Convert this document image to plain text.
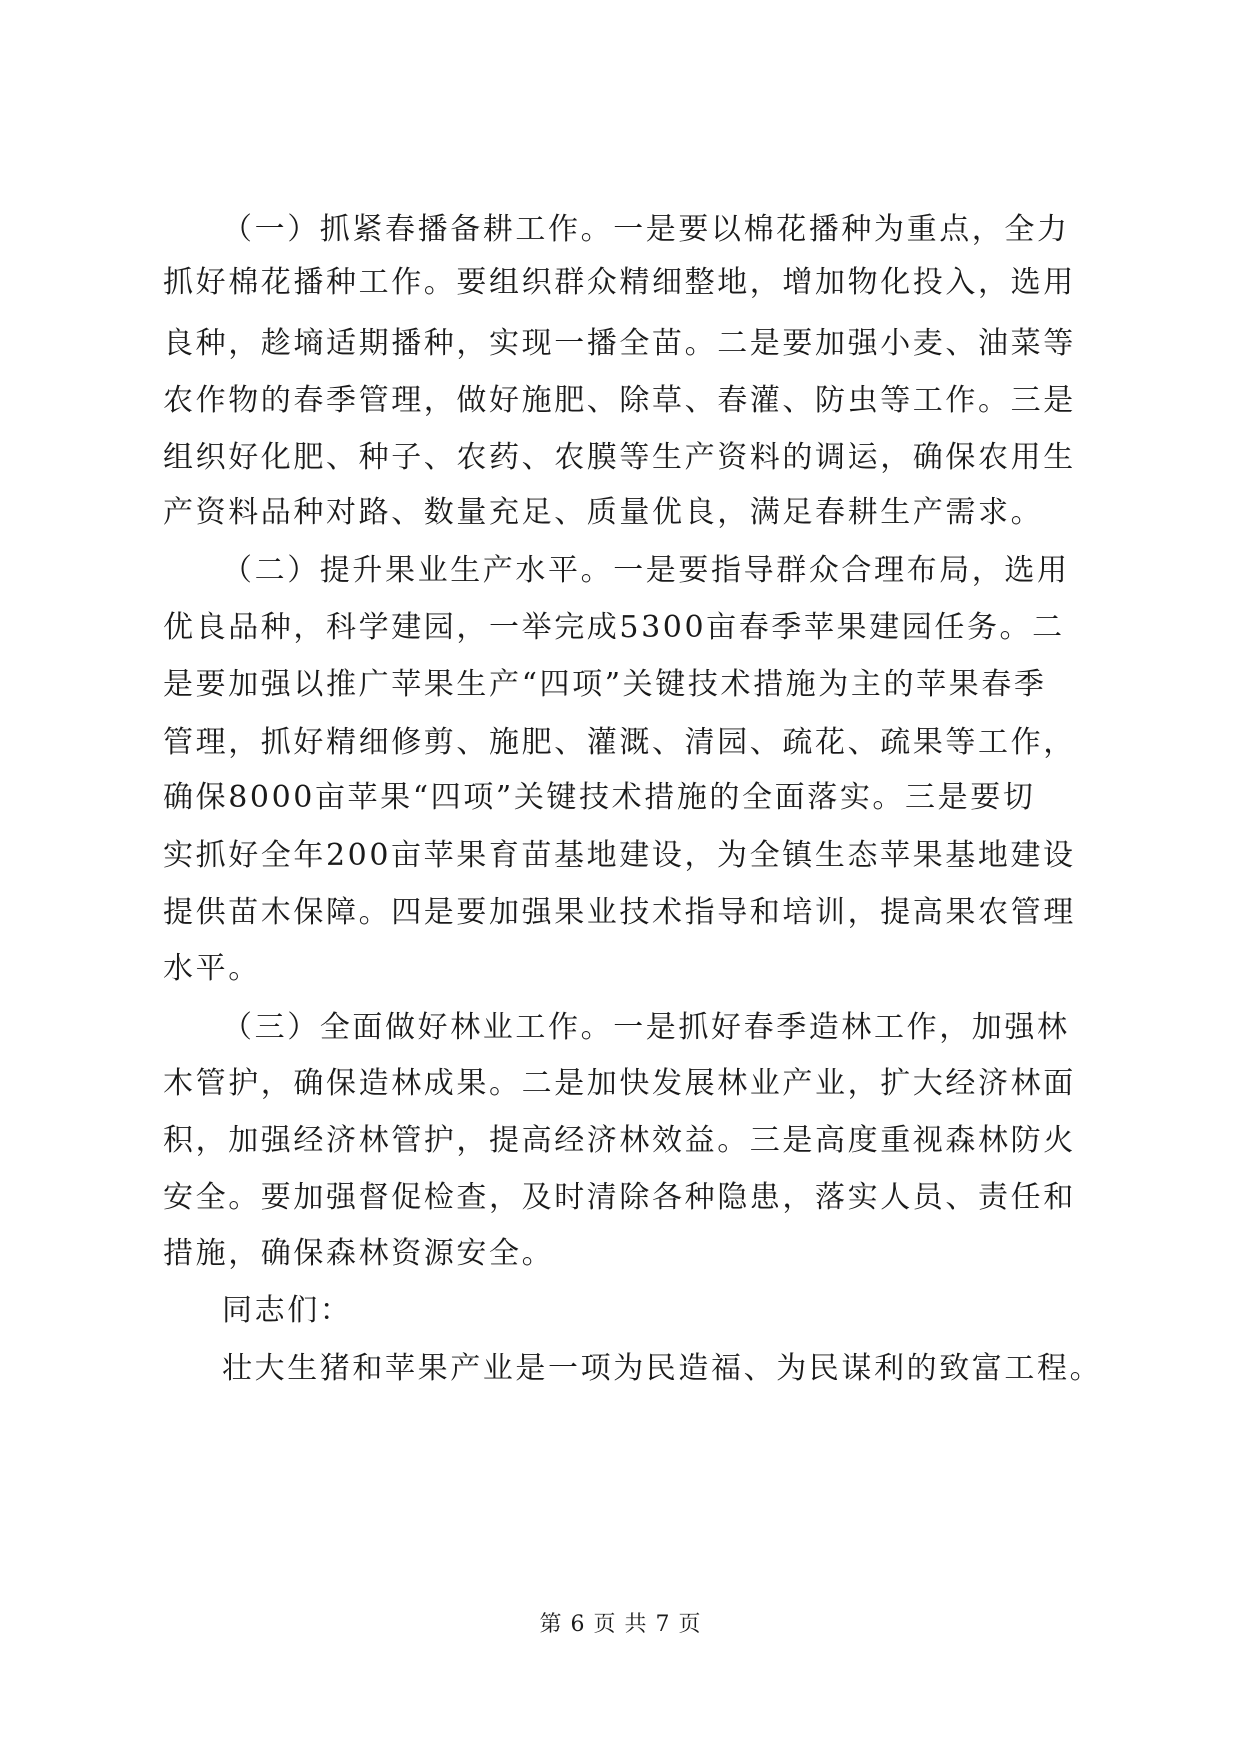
（一）抓紧春播备耕工作。一是要以棉花播种为重点，全力
抓好棉花播种工作。要组织群众精细整地，增加物化投入，选用
良种，趁墒适期播种，实现一播全苗。二是要加强小麦、油菜等
农作物的春季管理，做好施肥、除草、春灌、防虫等工作。三是
组织好化肥、种子、农药、农膜等生产资料的调运，确保农用生
产资料品种对路、数量充足、质量优良，满足春耕生产需求。
（二）提升果业生产水平。一是要指导群众合理布局，选用
优良品种，科学建园，一举完成5300亩春季苹果建园任务。二
是要加强以推广苹果生产“四项”关键技术措施为主的苹果春季
管理，抓好精细修剪、施肥、灌溉、清园、疏花、疏果等工作，
确保8000亩苹果“四项”关键技术措施的全面落实。三是要切
实抓好全年200亩苹果育苗基地建设，为全镇生态苹果基地建设
提供苗木保障。四是要加强果业技术指导和培训，提高果农管理
水平。
（三）全面做好林业工作。一是抓好春季造林工作，加强林
木管护，确保造林成果。二是加快发展林业产业，扩大经济林面
积，加强经济林管护，提高经济林效益。三是高度重视森林防火
安全。要加强督促检查，及时清除各种隐患，落实人员、责任和
措施，确保森林资源安全。
同志们：
壮大生猪和苹果产业是一项为民造福、为民谋利的致富工程。
第 6 页 共 7 页
